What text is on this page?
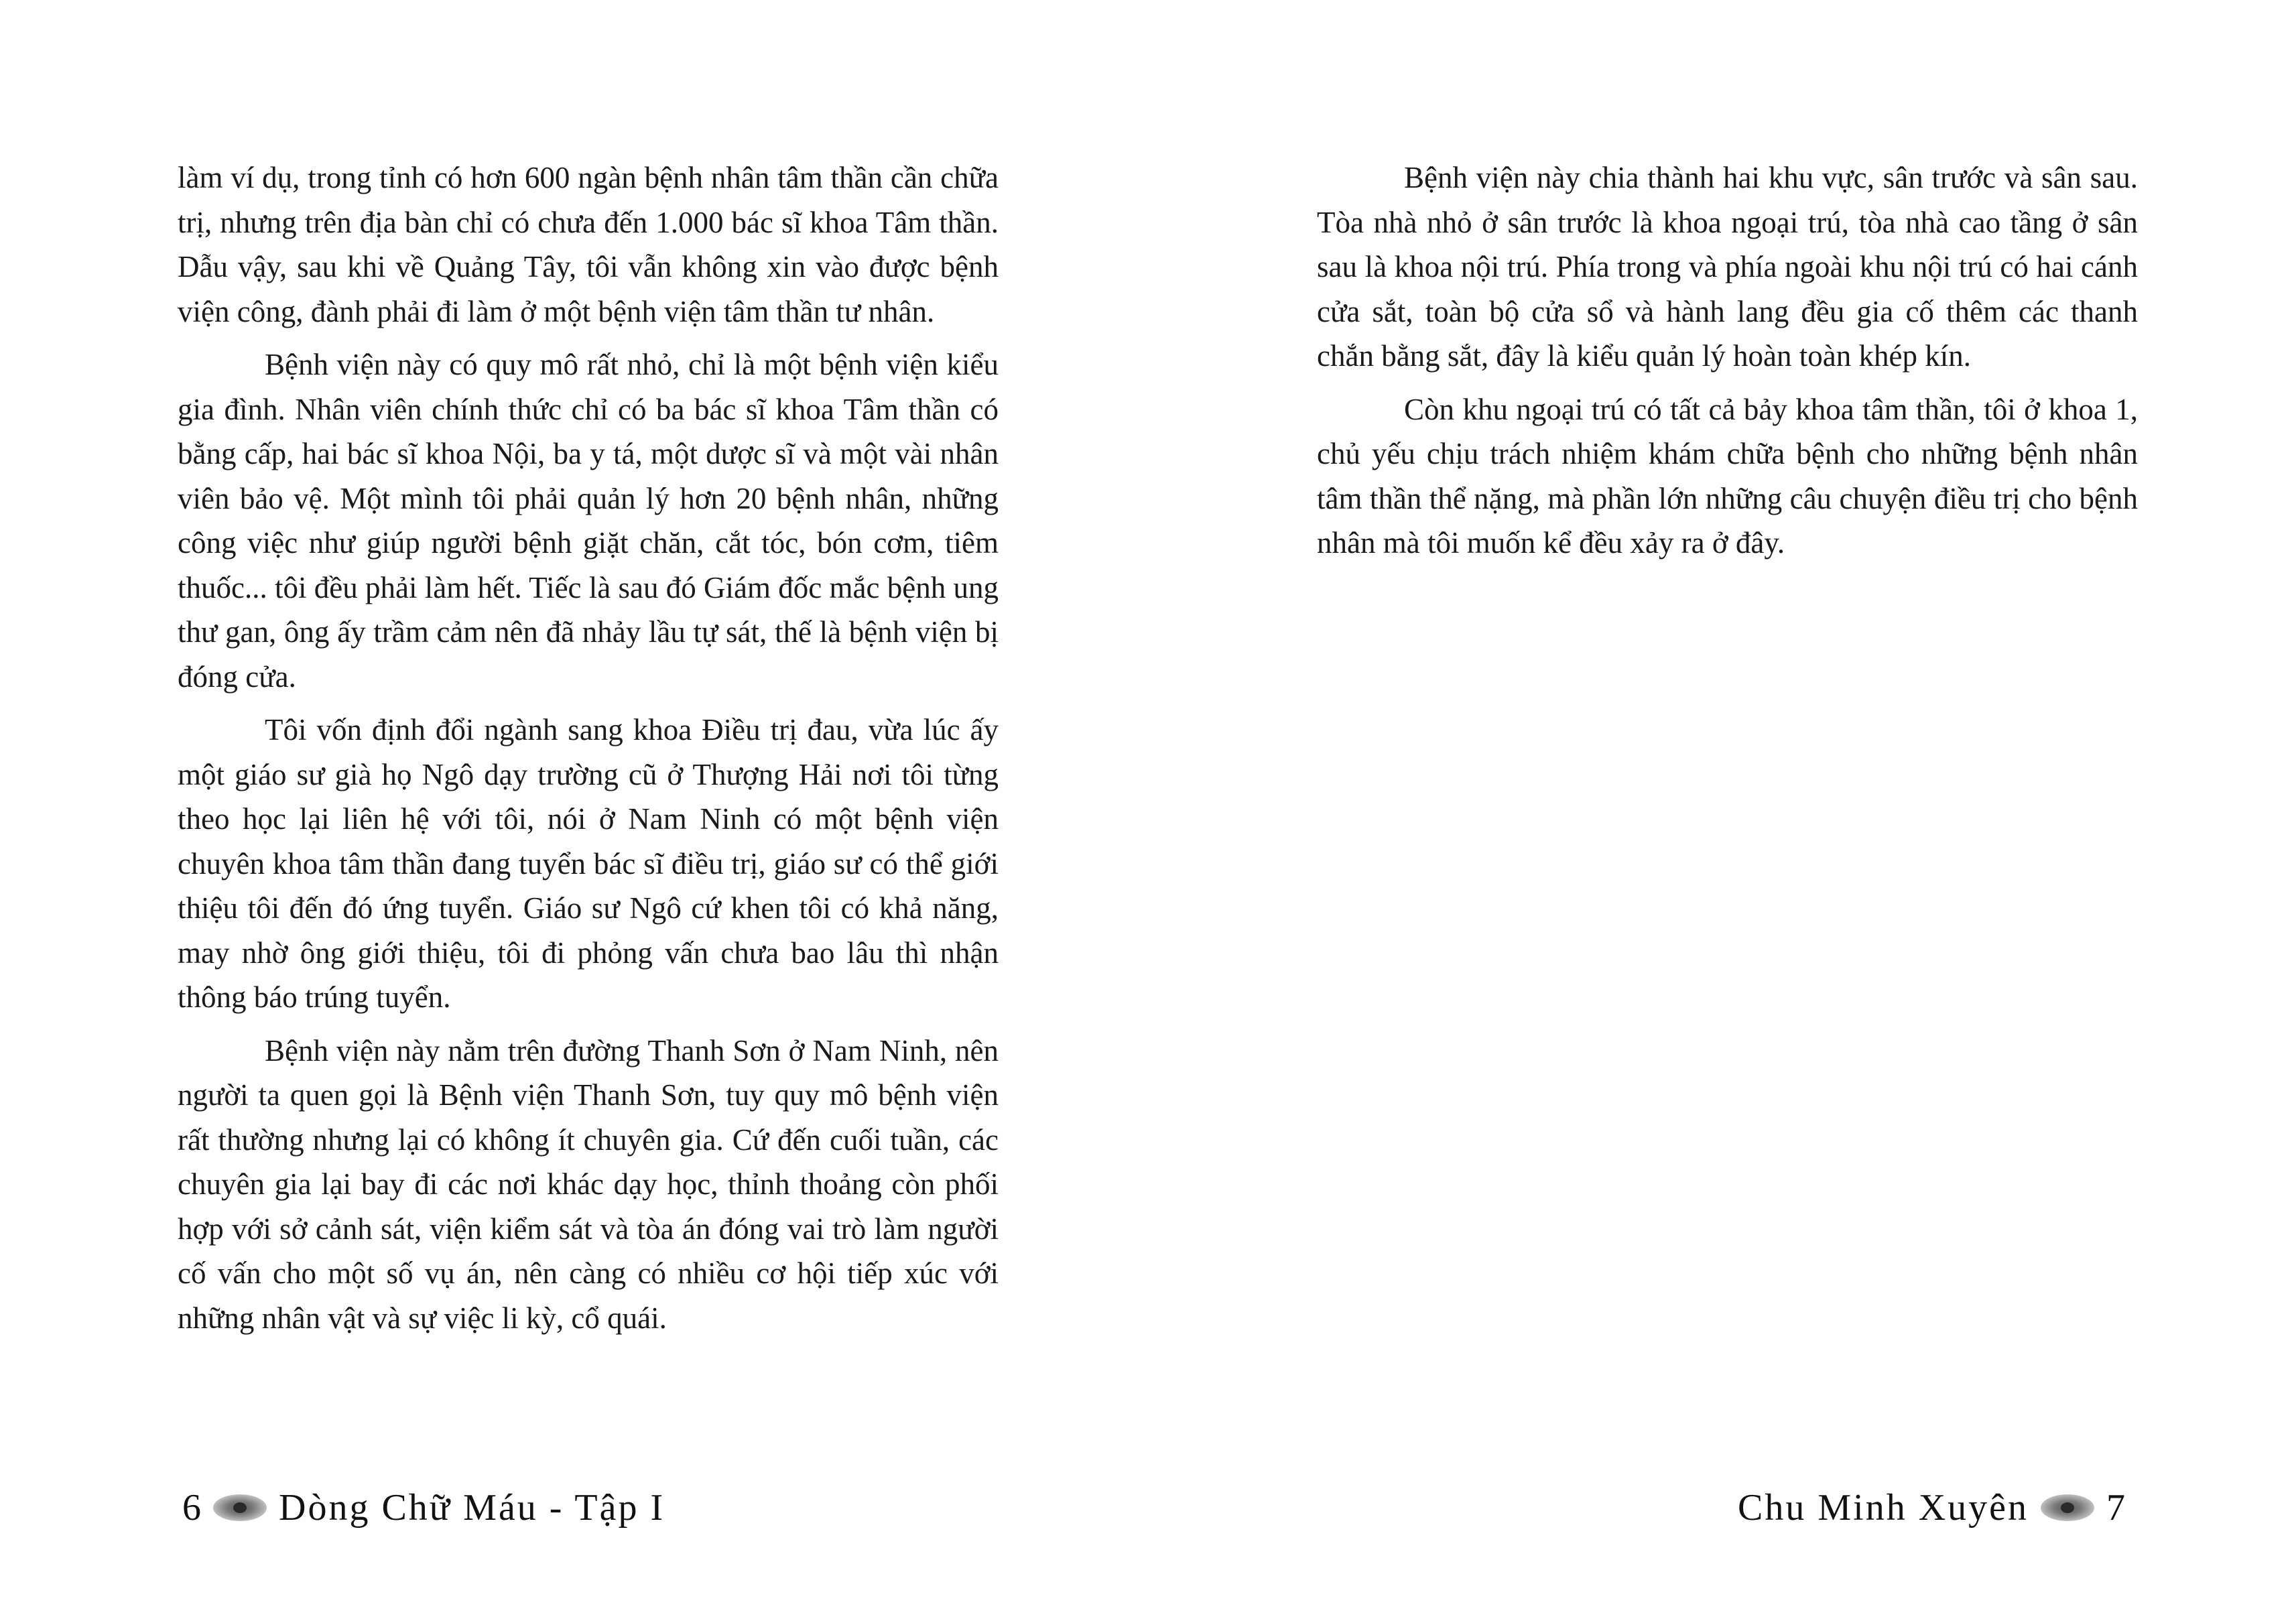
làm ví dụ, trong tỉnh có hơn 600 ngàn bệnh nhân tâm thần cần chữa trị, nhưng trên địa bàn chỉ có chưa đến 1.000 bác sĩ khoa Tâm thần. Dẫu vậy, sau khi về Quảng Tây, tôi vẫn không xin vào được bệnh viện công, đành phải đi làm ở một bệnh viện tâm thần tư nhân.

Bệnh viện này có quy mô rất nhỏ, chỉ là một bệnh viện kiểu gia đình. Nhân viên chính thức chỉ có ba bác sĩ khoa Tâm thần có bằng cấp, hai bác sĩ khoa Nội, ba y tá, một dược sĩ và một vài nhân viên bảo vệ. Một mình tôi phải quản lý hơn 20 bệnh nhân, những công việc như giúp người bệnh giặt chăn, cắt tóc, bón cơm, tiêm thuốc... tôi đều phải làm hết. Tiếc là sau đó Giám đốc mắc bệnh ung thư gan, ông ấy trầm cảm nên đã nhảy lầu tự sát, thế là bệnh viện bị đóng cửa.

Tôi vốn định đổi ngành sang khoa Điều trị đau, vừa lúc ấy một giáo sư già họ Ngô dạy trường cũ ở Thượng Hải nơi tôi từng theo học lại liên hệ với tôi, nói ở Nam Ninh có một bệnh viện chuyên khoa tâm thần đang tuyển bác sĩ điều trị, giáo sư có thể giới thiệu tôi đến đó ứng tuyển. Giáo sư Ngô cứ khen tôi có khả năng, may nhờ ông giới thiệu, tôi đi phỏng vấn chưa bao lâu thì nhận thông báo trúng tuyển.

Bệnh viện này nằm trên đường Thanh Sơn ở Nam Ninh, nên người ta quen gọi là Bệnh viện Thanh Sơn, tuy quy mô bệnh viện rất thường nhưng lại có không ít chuyên gia. Cứ đến cuối tuần, các chuyên gia lại bay đi các nơi khác dạy học, thỉnh thoảng còn phối hợp với sở cảnh sát, viện kiểm sát và tòa án đóng vai trò làm người cố vấn cho một số vụ án, nên càng có nhiều cơ hội tiếp xúc với những nhân vật và sự việc li kỳ, cổ quái.

6 Dòng Chữ Máu - Tập I

Bệnh viện này chia thành hai khu vực, sân trước và sân sau. Tòa nhà nhỏ ở sân trước là khoa ngoại trú, tòa nhà cao tầng ở sân sau là khoa nội trú. Phía trong và phía ngoài khu nội trú có hai cánh cửa sắt, toàn bộ cửa sổ và hành lang đều gia cố thêm các thanh chắn bằng sắt, đây là kiểu quản lý hoàn toàn khép kín.

Còn khu ngoại trú có tất cả bảy khoa tâm thần, tôi ở khoa 1, chủ yếu chịu trách nhiệm khám chữa bệnh cho những bệnh nhân tâm thần thể nặng, mà phần lớn những câu chuyện điều trị cho bệnh nhân mà tôi muốn kể đều xảy ra ở đây.

Chu Minh Xuyên 7
